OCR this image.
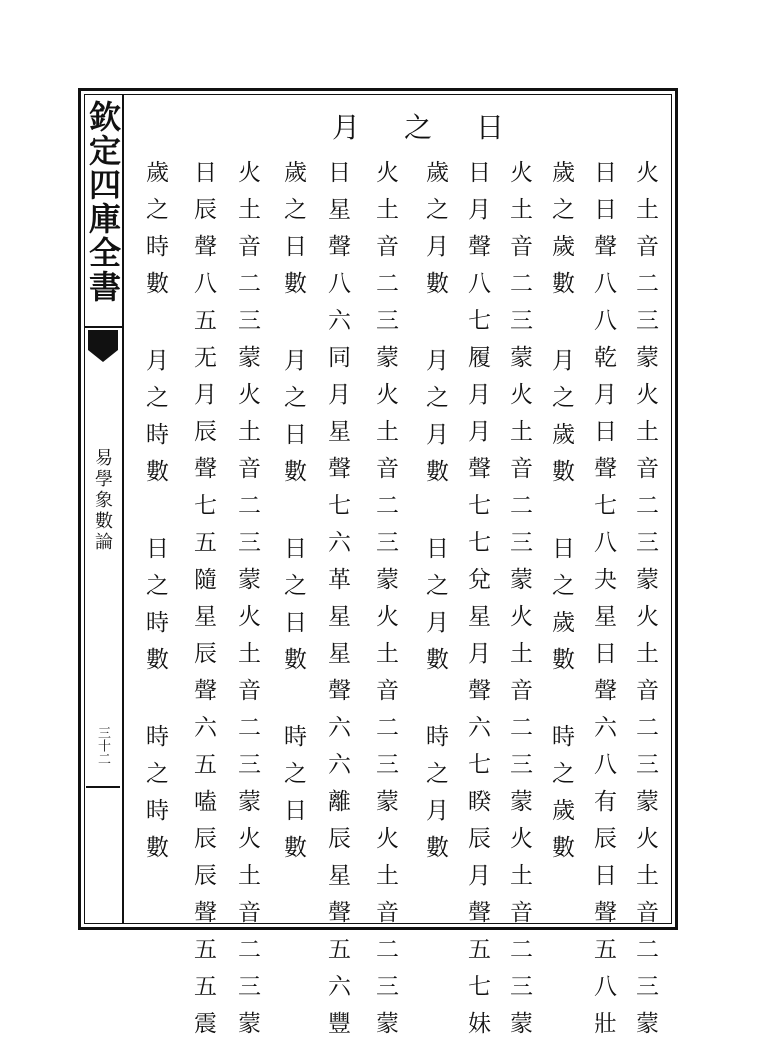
欽定四庫全書
易學象數論
三十二
月之日
火土音二三蒙火土音二三蒙火土音二三蒙火土音二三蒙
日日聲八八乾月日聲七八夬星日聲六八有辰日聲五八壯
歲之歲數 月之歲數 日之歲數 時之歲數
火土音二三蒙火土音二三蒙火土音二三蒙火土音二三蒙
日月聲八七履月月聲七七兌星月聲六七睽辰月聲五七妹
歲之月數 月之月數 日之月數 時之月數
火土音二三蒙火土音二三蒙火土音二三蒙火土音二三蒙
日星聲八六同月星聲七六革星星聲六六離辰星聲五六豐
歲之日數 月之日數 日之日數 時之日數
火土音二三蒙火土音二三蒙火土音二三蒙火土音二三蒙
日辰聲八五无月辰聲七五隨星辰聲六五嗑辰辰聲五五震
歲之時數 月之時數 日之時數 時之時數
